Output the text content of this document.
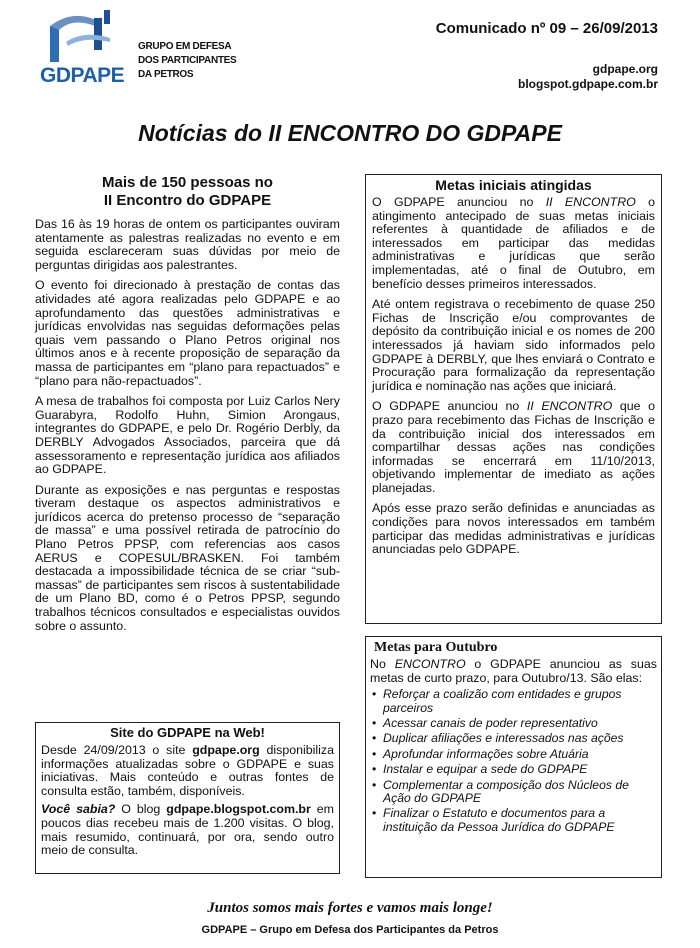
GDPAPE
GRUPO EM DEFESA
DOS PARTICIPANTES
DA PETROS
Comunicado nº 09 – 26/09/2013
gdpape.org
blogspot.gdpape.com.br
Notícias do II ENCONTRO DO GDPAPE
Mais de 150 pessoas no
II Encontro do GDPAPE

Das 16 às 19 horas de ontem os participantes ouviram atentamente as palestras realizadas no evento e em seguida esclareceram suas dúvidas por meio de perguntas dirigidas aos palestrantes.

O evento foi direcionado à prestação de contas das atividades até agora realizadas pelo GDPAPE e ao aprofundamento das questões administrativas e jurídicas envolvidas nas seguidas deformações pelas quais vem passando o Plano Petros original nos últimos anos e à recente proposição de separação da massa de participantes em “plano para repactuados” e “plano para não-repactuados”.

A mesa de trabalhos foi composta por Luiz Carlos Nery Guarabyra, Rodolfo Huhn, Simion Arongaus, integrantes do GDPAPE, e pelo Dr. Rogério Derbly, da DERBLY Advogados Associados, parceira que dá assessoramento e representação jurídica aos afiliados ao GDPAPE.

Durante as exposições e nas perguntas e respostas tiveram destaque os aspectos administrativos e jurídicos acerca do pretenso processo de “separação de massa” e uma possível retirada de patrocínio do Plano Petros PPSP, com referencias aos casos AERUS e COPESUL/BRASKEN. Foi também destacada a impossibilidade técnica de se criar “sub-massas” de participantes sem riscos à sustentabilidade de um Plano BD, como é o Petros PPSP, segundo trabalhos técnicos consultados e especialistas ouvidos sobre o assunto.

Site do GDPAPE na Web!

Desde 24/09/2013 o site gdpape.org disponibiliza informações atualizadas sobre o GDPAPE e suas iniciativas. Mais conteúdo e outras fontes de consulta estão, também, disponíveis.

Você sabia? O blog gdpape.blogspot.com.br em poucos dias recebeu mais de 1.200 visitas. O blog, mais resumido, continuará, por ora, sendo outro meio de consulta.

Metas iniciais atingidas

O GDPAPE anunciou no II ENCONTRO o atingimento antecipado de suas metas iniciais referentes à quantidade de afiliados e de interessados em participar das medidas administrativas e jurídicas que serão implementadas, até o final de Outubro, em benefício desses primeiros interessados.

Até ontem registrava o recebimento de quase 250 Fichas de Inscrição e/ou comprovantes de depósito da contribuição inicial e os nomes de 200 interessados já haviam sido informados pelo GDPAPE à DERBLY, que lhes enviará o Contrato e Procuração para formalização da representação jurídica e nominação nas ações que iniciará.

O GDPAPE anunciou no II ENCONTRO que o prazo para recebimento das Fichas de Inscrição e da contribuição inicial dos interessados em compartilhar dessas ações nas condições informadas se encerrará em 11/10/2013, objetivando implementar de imediato as ações planejadas.

Após esse prazo serão definidas e anunciadas as condições para novos interessados em também participar das medidas administrativas e jurídicas anunciadas pelo GDPAPE.

Metas para Outubro

No ENCONTRO o GDPAPE anunciou as suas metas de curto prazo, para Outubro/13. São elas:

• Reforçar a coalizão com entidades e grupos parceiros
• Acessar canais de poder representativo
• Duplicar afiliações e interessados nas ações
• Aprofundar informações sobre Atuária
• Instalar e equipar a sede do GDPAPE
• Complementar a composição dos Núcleos de Ação do GDPAPE
• Finalizar o Estatuto e documentos para a instituição da Pessoa Jurídica do GDPAPE
Juntos somos mais fortes e vamos mais longe!
GDPAPE – Grupo em Defesa dos Participantes da Petros
